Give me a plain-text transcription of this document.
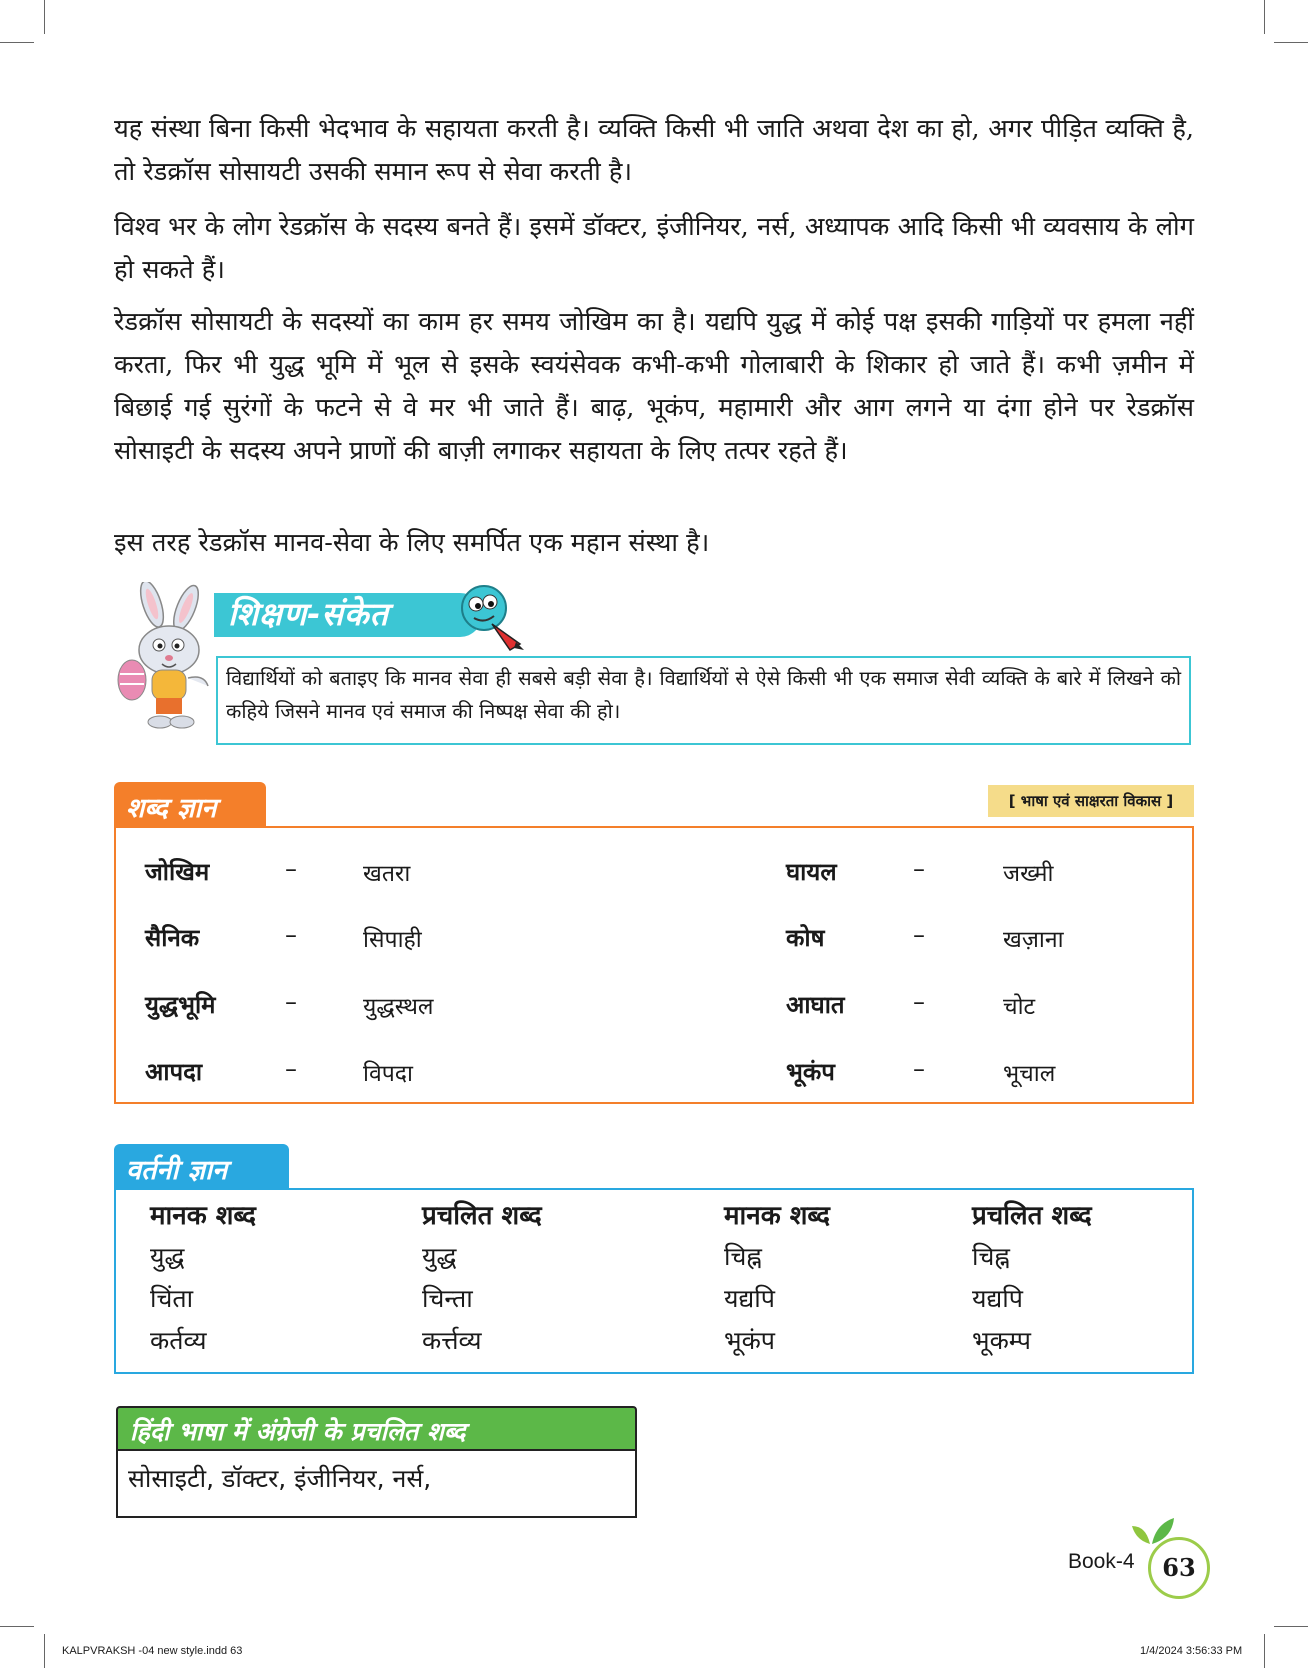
यह संस्था बिना किसी भेदभाव के सहायता करती है। व्यक्ति किसी भी जाति अथवा देश का हो, अगर पीड़ित व्यक्ति है, तो रेडक्रॉस सोसायटी उसकी समान रूप से सेवा करती है।

विश्व भर के लोग रेडक्रॉस के सदस्य बनते हैं। इसमें डॉक्टर, इंजीनियर, नर्स, अध्यापक आदि किसी भी व्यवसाय के लोग हो सकते हैं।

रेडक्रॉस सोसायटी के सदस्यों का काम हर समय जोखिम का है। यद्यपि युद्ध में कोई पक्ष इसकी गाड़ियों पर हमला नहीं करता, फिर भी युद्ध भूमि में भूल से इसके स्वयंसेवक कभी-कभी गोलाबारी के शिकार हो जाते हैं। कभी ज़मीन में बिछाई गई सुरंगों के फटने से वे मर भी जाते हैं। बाढ़, भूकंप, महामारी और आग लगने या दंगा होने पर रेडक्रॉस सोसाइटी के सदस्य अपने प्राणों की बाज़ी लगाकर सहायता के लिए तत्पर रहते हैं।

इस तरह रेडक्रॉस मानव-सेवा के लिए समर्पित एक महान संस्था है।

शिक्षण-संकेत
विद्यार्थियों को बताइए कि मानव सेवा ही सबसे बड़ी सेवा है। विद्यार्थियों से ऐसे किसी भी एक समाज सेवी व्यक्ति के बारे में लिखने को कहिये जिसने मानव एवं समाज की निष्पक्ष सेवा की हो।
शब्द ज्ञान	[ भाषा एवं साक्षरता विकास ]
जोखिम	–	खतरा	घायल	–	जख्मी
सैनिक	–	सिपाही	कोष	–	खज़ाना
युद्धभूमि	–	युद्धस्थल	आघात	–	चोट
आपदा	–	विपदा	भूकंप	–	भूचाल
वर्तनी ज्ञान
मानक शब्द	प्रचलित शब्द	मानक शब्द	प्रचलित शब्द
युद्ध	युद्ध	चिह्न	चिह्न
चिंता	चिन्ता	यद्यपि	यद्यपि
कर्तव्य	कर्त्तव्य	भूकंप	भूकम्प
हिंदी भाषा में अंग्रेजी के प्रचलित शब्द
सोसाइटी, डॉक्टर, इंजीनियर, नर्स,
Book-4	63
KALPVRAKSH -04 new style.indd 63	1/4/2024 3:56:33 PM
